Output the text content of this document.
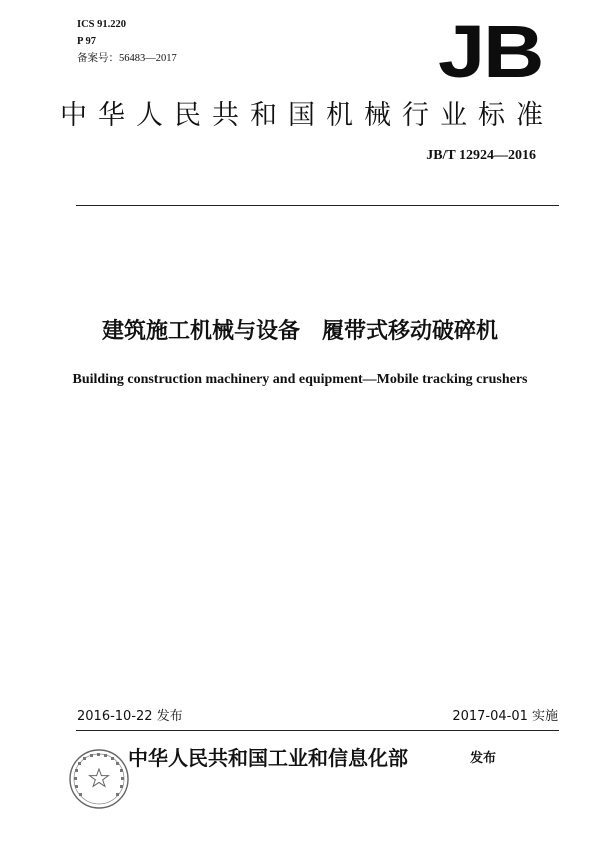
ICS 91.220
P 97
备案号：56483—2017	JB
中华人民共和国机械行业标准
JB/T 12924—2016
建筑施工机械与设备　履带式移动破碎机
Building construction machinery and equipment—Mobile tracking crushers
2016-10-22 发布	2017-04-01 实施
中华人民共和国工业和信息化部	发布
